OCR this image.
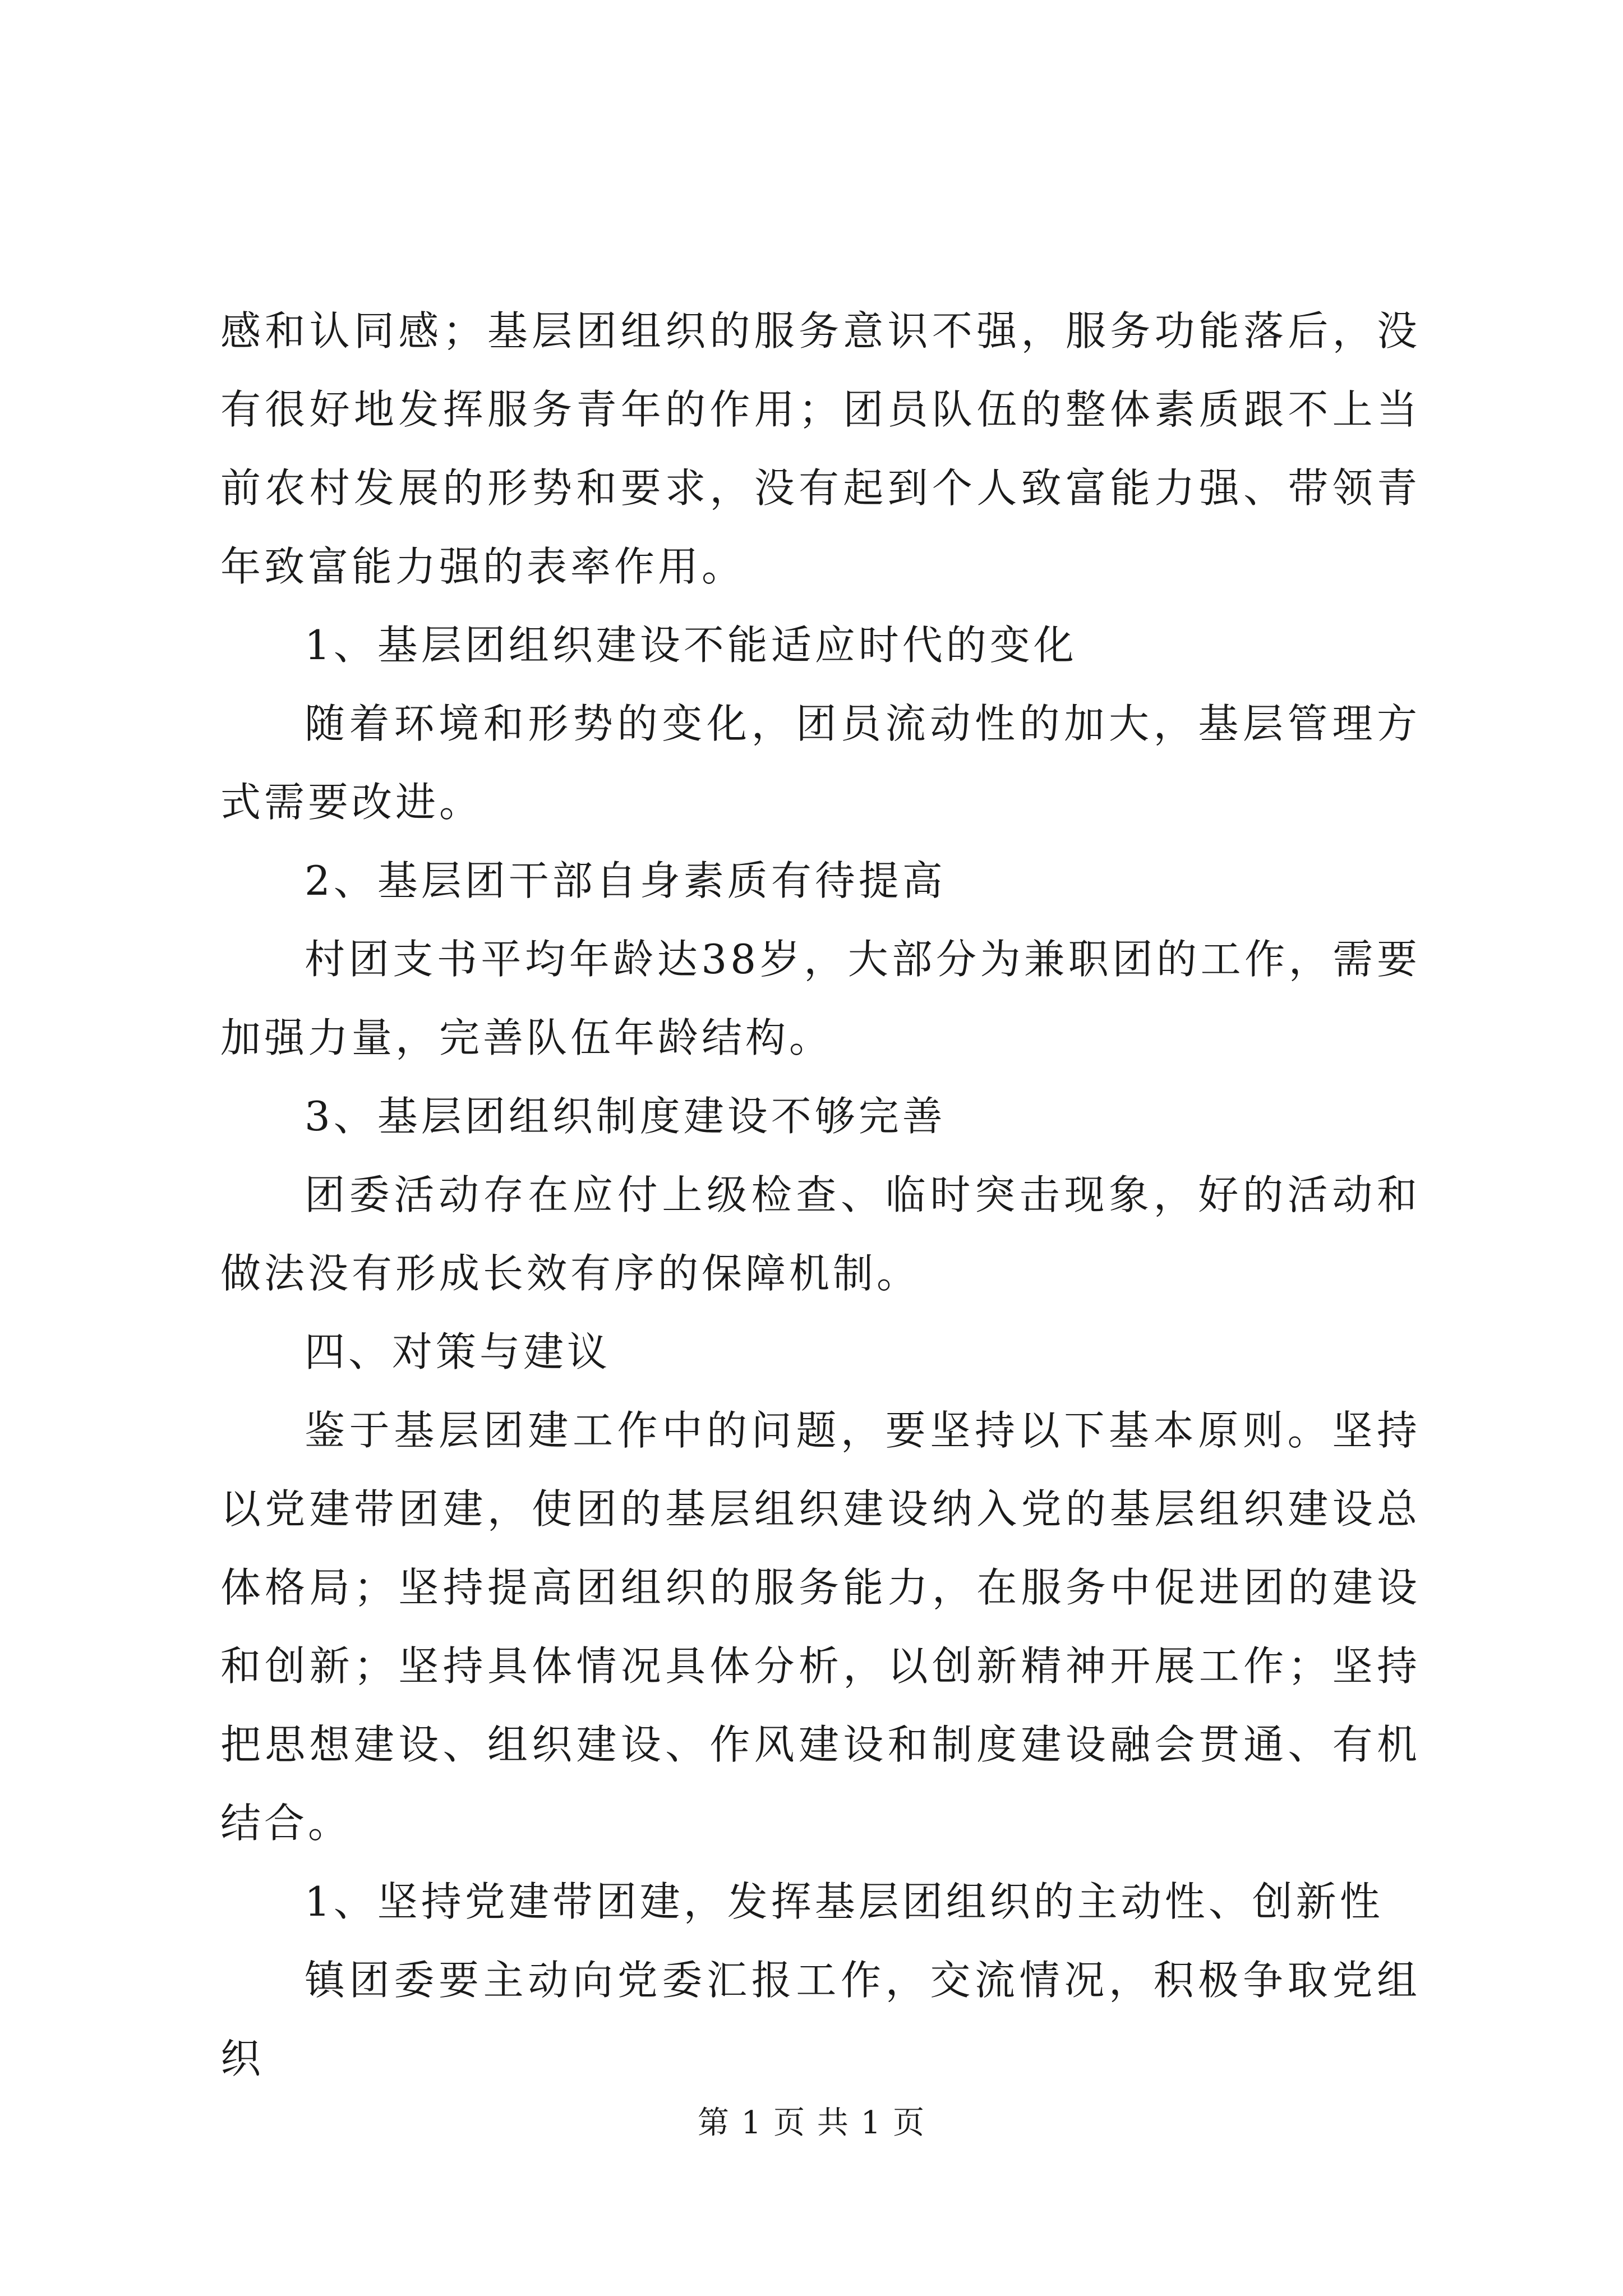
感和认同感；基层团组织的服务意识不强，服务功能落后，没有很好地发挥服务青年的作用；团员队伍的整体素质跟不上当前农村发展的形势和要求，没有起到个人致富能力强、带领青年致富能力强的表率作用。

1、基层团组织建设不能适应时代的变化

随着环境和形势的变化，团员流动性的加大，基层管理方式需要改进。

2、基层团干部自身素质有待提高

村团支书平均年龄达38岁，大部分为兼职团的工作，需要加强力量，完善队伍年龄结构。

3、基层团组织制度建设不够完善

团委活动存在应付上级检查、临时突击现象，好的活动和做法没有形成长效有序的保障机制。

四、对策与建议

鉴于基层团建工作中的问题，要坚持以下基本原则。坚持以党建带团建，使团的基层组织建设纳入党的基层组织建设总体格局；坚持提高团组织的服务能力，在服务中促进团的建设和创新；坚持具体情况具体分析，以创新精神开展工作；坚持把思想建设、组织建设、作风建设和制度建设融会贯通、有机结合。

1、坚持党建带团建，发挥基层团组织的主动性、创新性

镇团委要主动向党委汇报工作，交流情况，积极争取党组织

第 1 页 共 1 页
